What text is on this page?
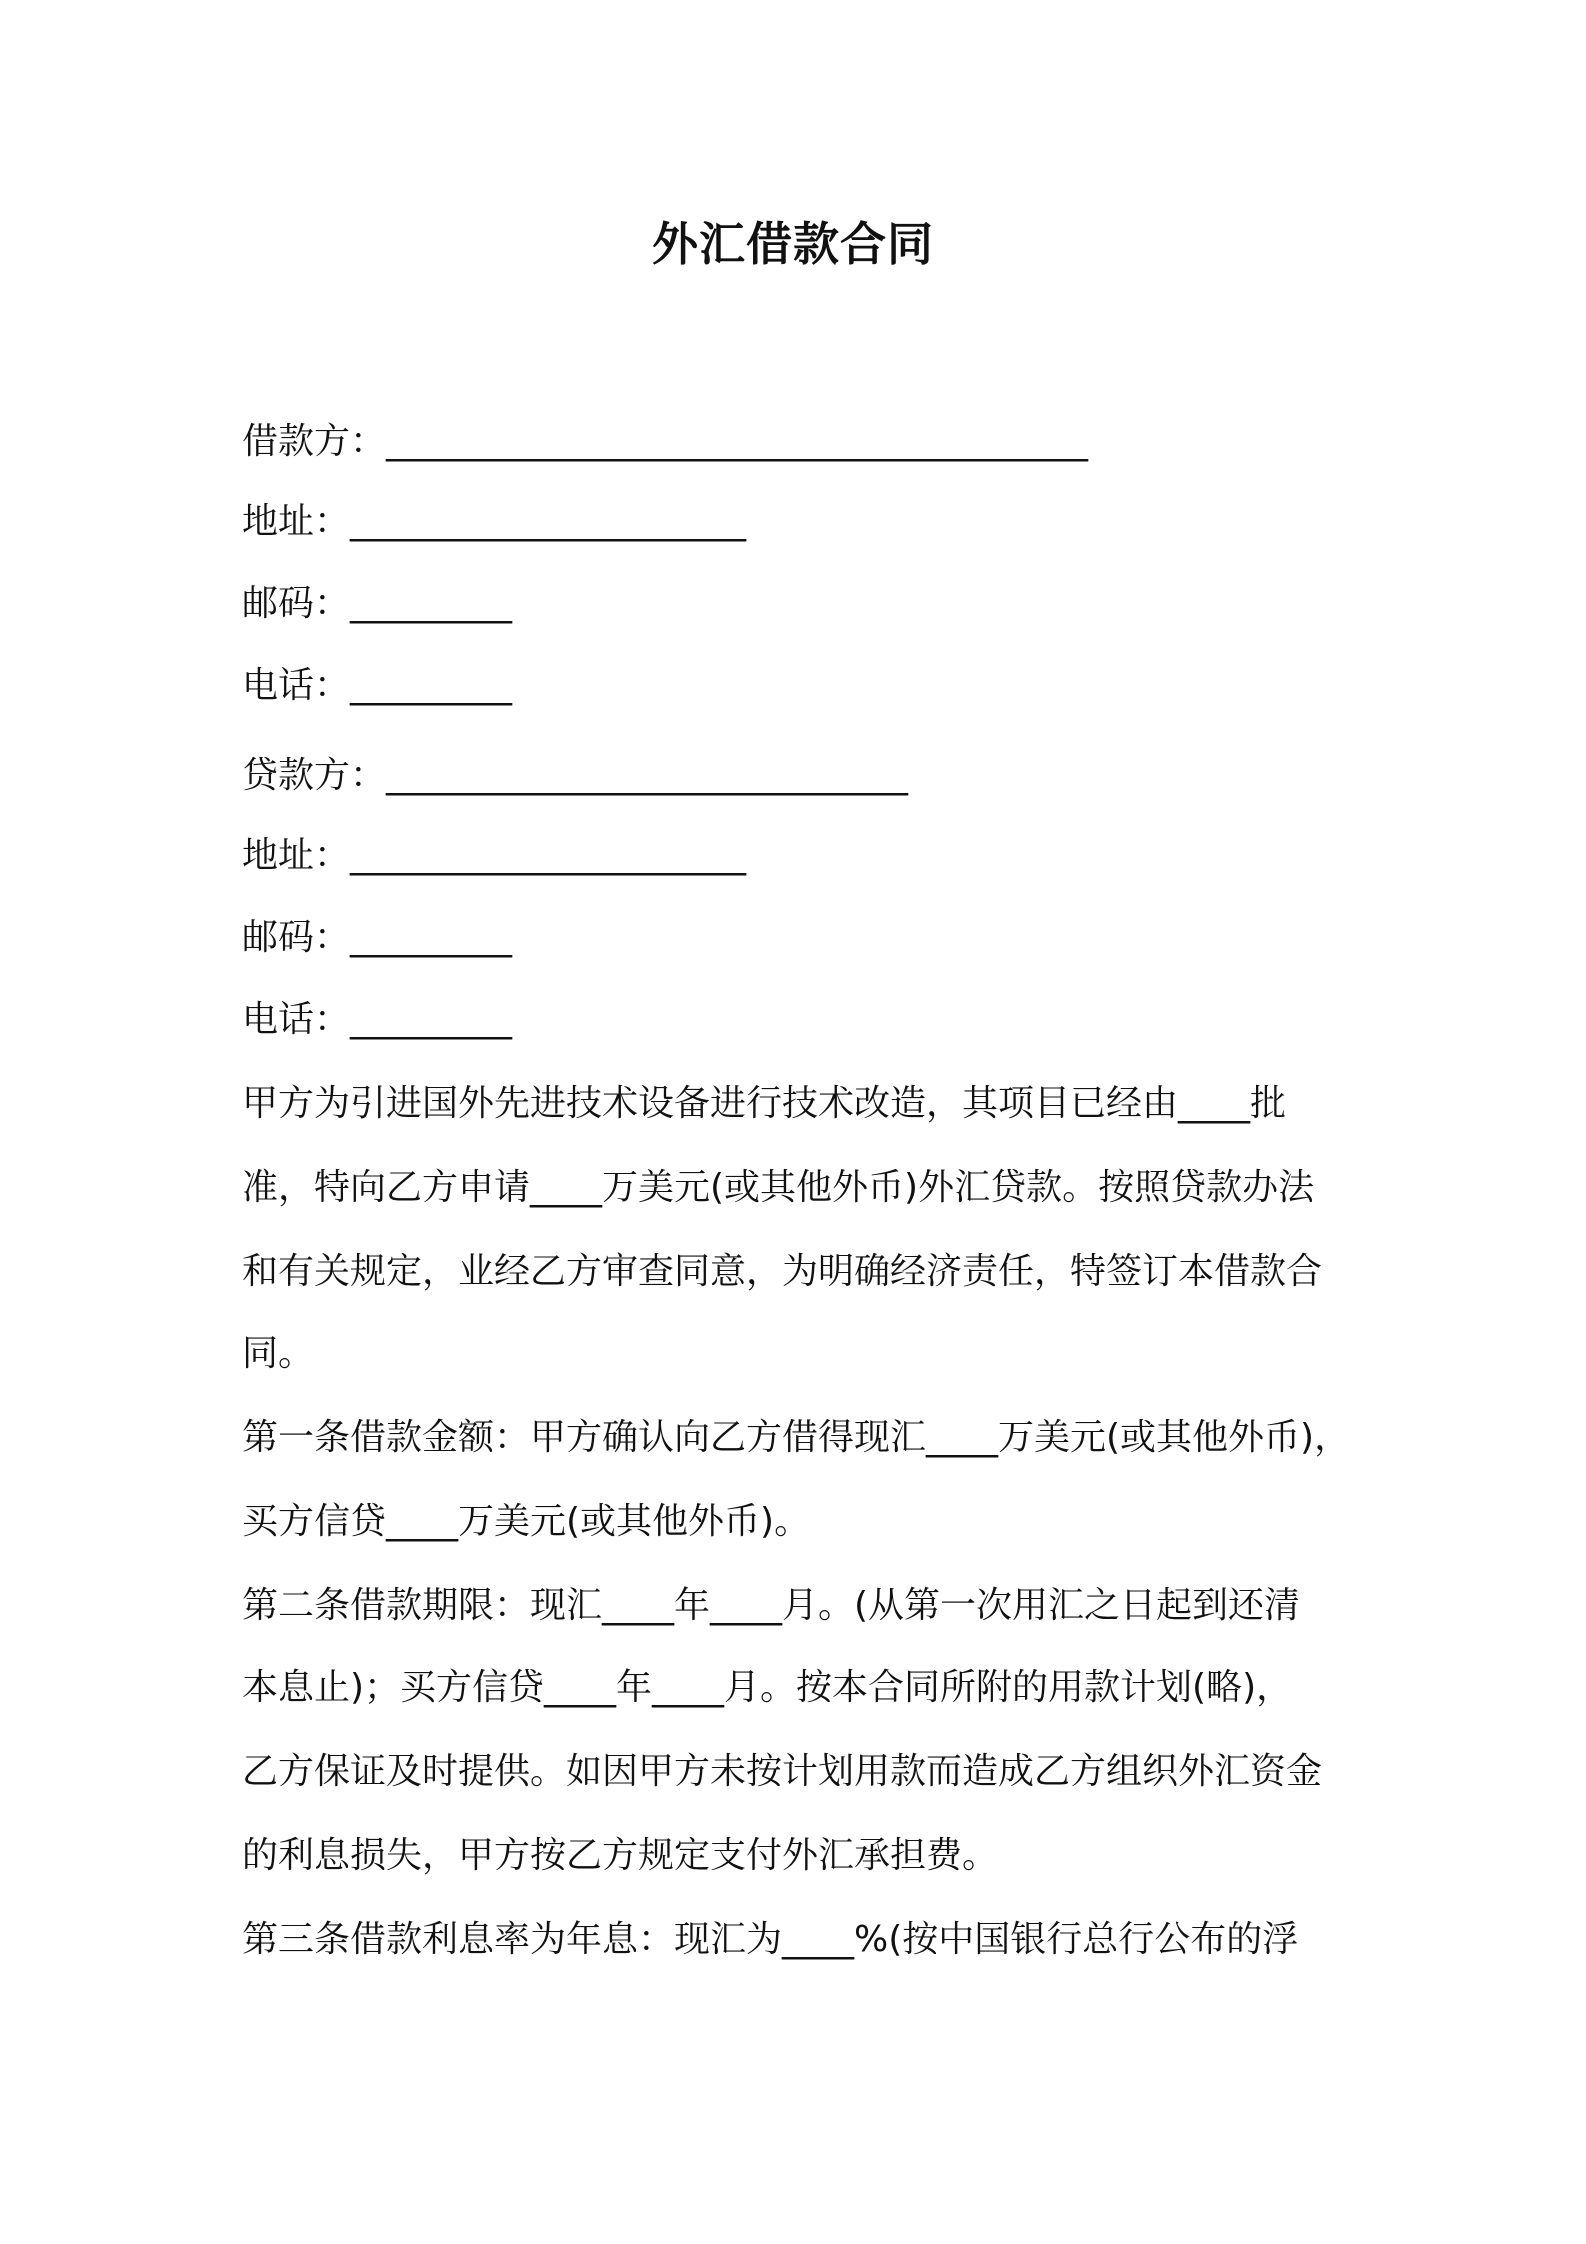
外汇借款合同
借款方：_______________________________________
地址：______________________
邮码：_________
电话：_________
贷款方：_____________________________
地址：______________________
邮码：_________
电话：_________
甲方为引进国外先进技术设备进行技术改造，其项目已经由____批
准，特向乙方申请____万美元(或其他外币)外汇贷款。按照贷款办法
和有关规定，业经乙方审查同意，为明确经济责任，特签订本借款合
同。
第一条借款金额：甲方确认向乙方借得现汇____万美元(或其他外币)，
买方信贷____万美元(或其他外币)。
第二条借款期限：现汇____年____月。(从第一次用汇之日起到还清
本息止)；买方信贷____年____月。按本合同所附的用款计划(略)，
乙方保证及时提供。如因甲方未按计划用款而造成乙方组织外汇资金
的利息损失，甲方按乙方规定支付外汇承担费。
第三条借款利息率为年息：现汇为____%(按中国银行总行公布的浮
